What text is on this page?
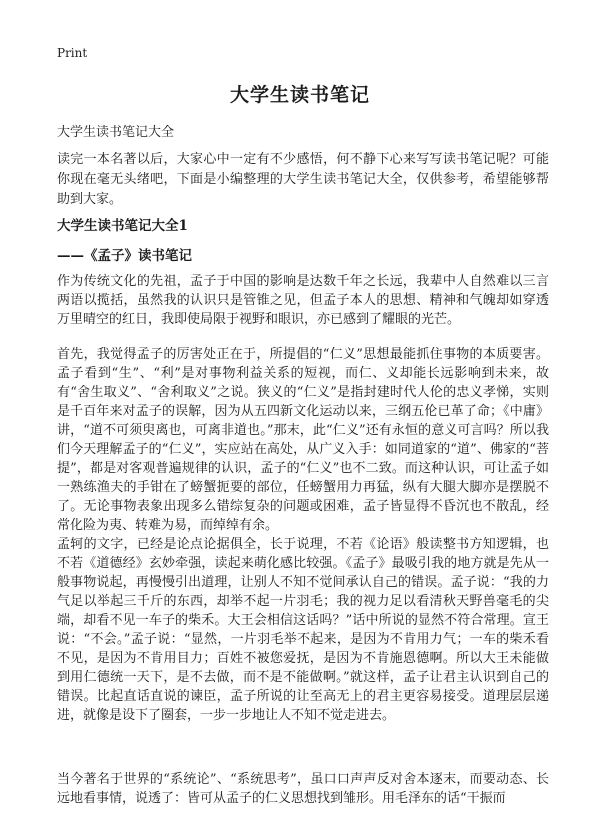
Print
大学生读书笔记
大学生读书笔记大全

读完一本名著以后，大家心中一定有不少感悟，何不静下心来写写读书笔记呢？可能你现在毫无头绪吧，下面是小编整理的大学生读书笔记大全，仅供参考，希望能够帮助到大家。

大学生读书笔记大全1
——《孟子》读书笔记

作为传统文化的先祖，孟子于中国的影响是达数千年之长远，我辈中人自然难以三言两语以揽括，虽然我的认识只是管锥之见，但孟子本人的思想、精神和气魄却如穿透万里晴空的红日，我即使局限于视野和眼识，亦已感到了耀眼的光芒。

首先，我觉得孟子的厉害处正在于，所提倡的“仁义”思想最能抓住事物的本质要害。孟子看到“生”、“利”是对事物利益关系的短视，而仁、义却能长远影响到未来，故有“舍生取义”、“舍利取义”之说。狭义的“仁义”是指封建时代人伦的忠义孝悌，实则是千百年来对孟子的误解，因为从五四新文化运动以来，三纲五伦已革了命；《中庸》讲，“道不可须臾离也，可离非道也。”那末，此“仁义”还有永恒的意义可言吗？所以我们今天理解孟子的“仁义”，实应站在高处，从广义入手：如同道家的“道”、佛家的“菩提”，都是对客观普遍规律的认识，孟子的“仁义”也不二致。而这种认识，可让孟子如一熟练渔夫的手钳在了螃蟹扼要的部位，任螃蟹用力再猛，纵有大腿大脚亦是摆脱不了。无论事物表象出现多么错综复杂的问题或困难，孟子皆显得不昏沉也不散乱，经常化险为夷、转难为易，而绰绰有余。

孟轲的文字，已经是论点论据俱全，长于说理，不若《论语》般读整书方知逻辑，也不若《道德经》玄妙牵强，读起来萌化感比较强。《孟子》最吸引我的地方就是先从一般事物说起，再慢慢引出道理，让别人不知不觉间承认自己的错误。孟子说：“我的力气足以举起三千斤的东西，却举不起一片羽毛；我的视力足以看清秋天野兽毫毛的尖端，却看不见一车子的柴禾。大王会相信这话吗？”话中所说的显然不符合常理。宣王说：“不会。”孟子说：“显然，一片羽毛举不起来，是因为不肯用力气；一车的柴禾看不见，是因为不肯用目力；百姓不被您爱抚，是因为不肯施恩德啊。所以大王未能做到用仁德统一天下，是不去做，而不是不能做啊。”就这样，孟子让君主认识到自己的错误。比起直话直说的谏臣，孟子所说的让至高无上的君主更容易接受。道理层层递进，就像是设下了圈套，一步一步地让人不知不觉走进去。

当今著名于世界的“系统论”、“系统思考”，虽口口声声反对舍本逐末，而要动态、长远地看事情，说透了：皆可从孟子的仁义思想找到雏形。用毛泽东的话“干振而
